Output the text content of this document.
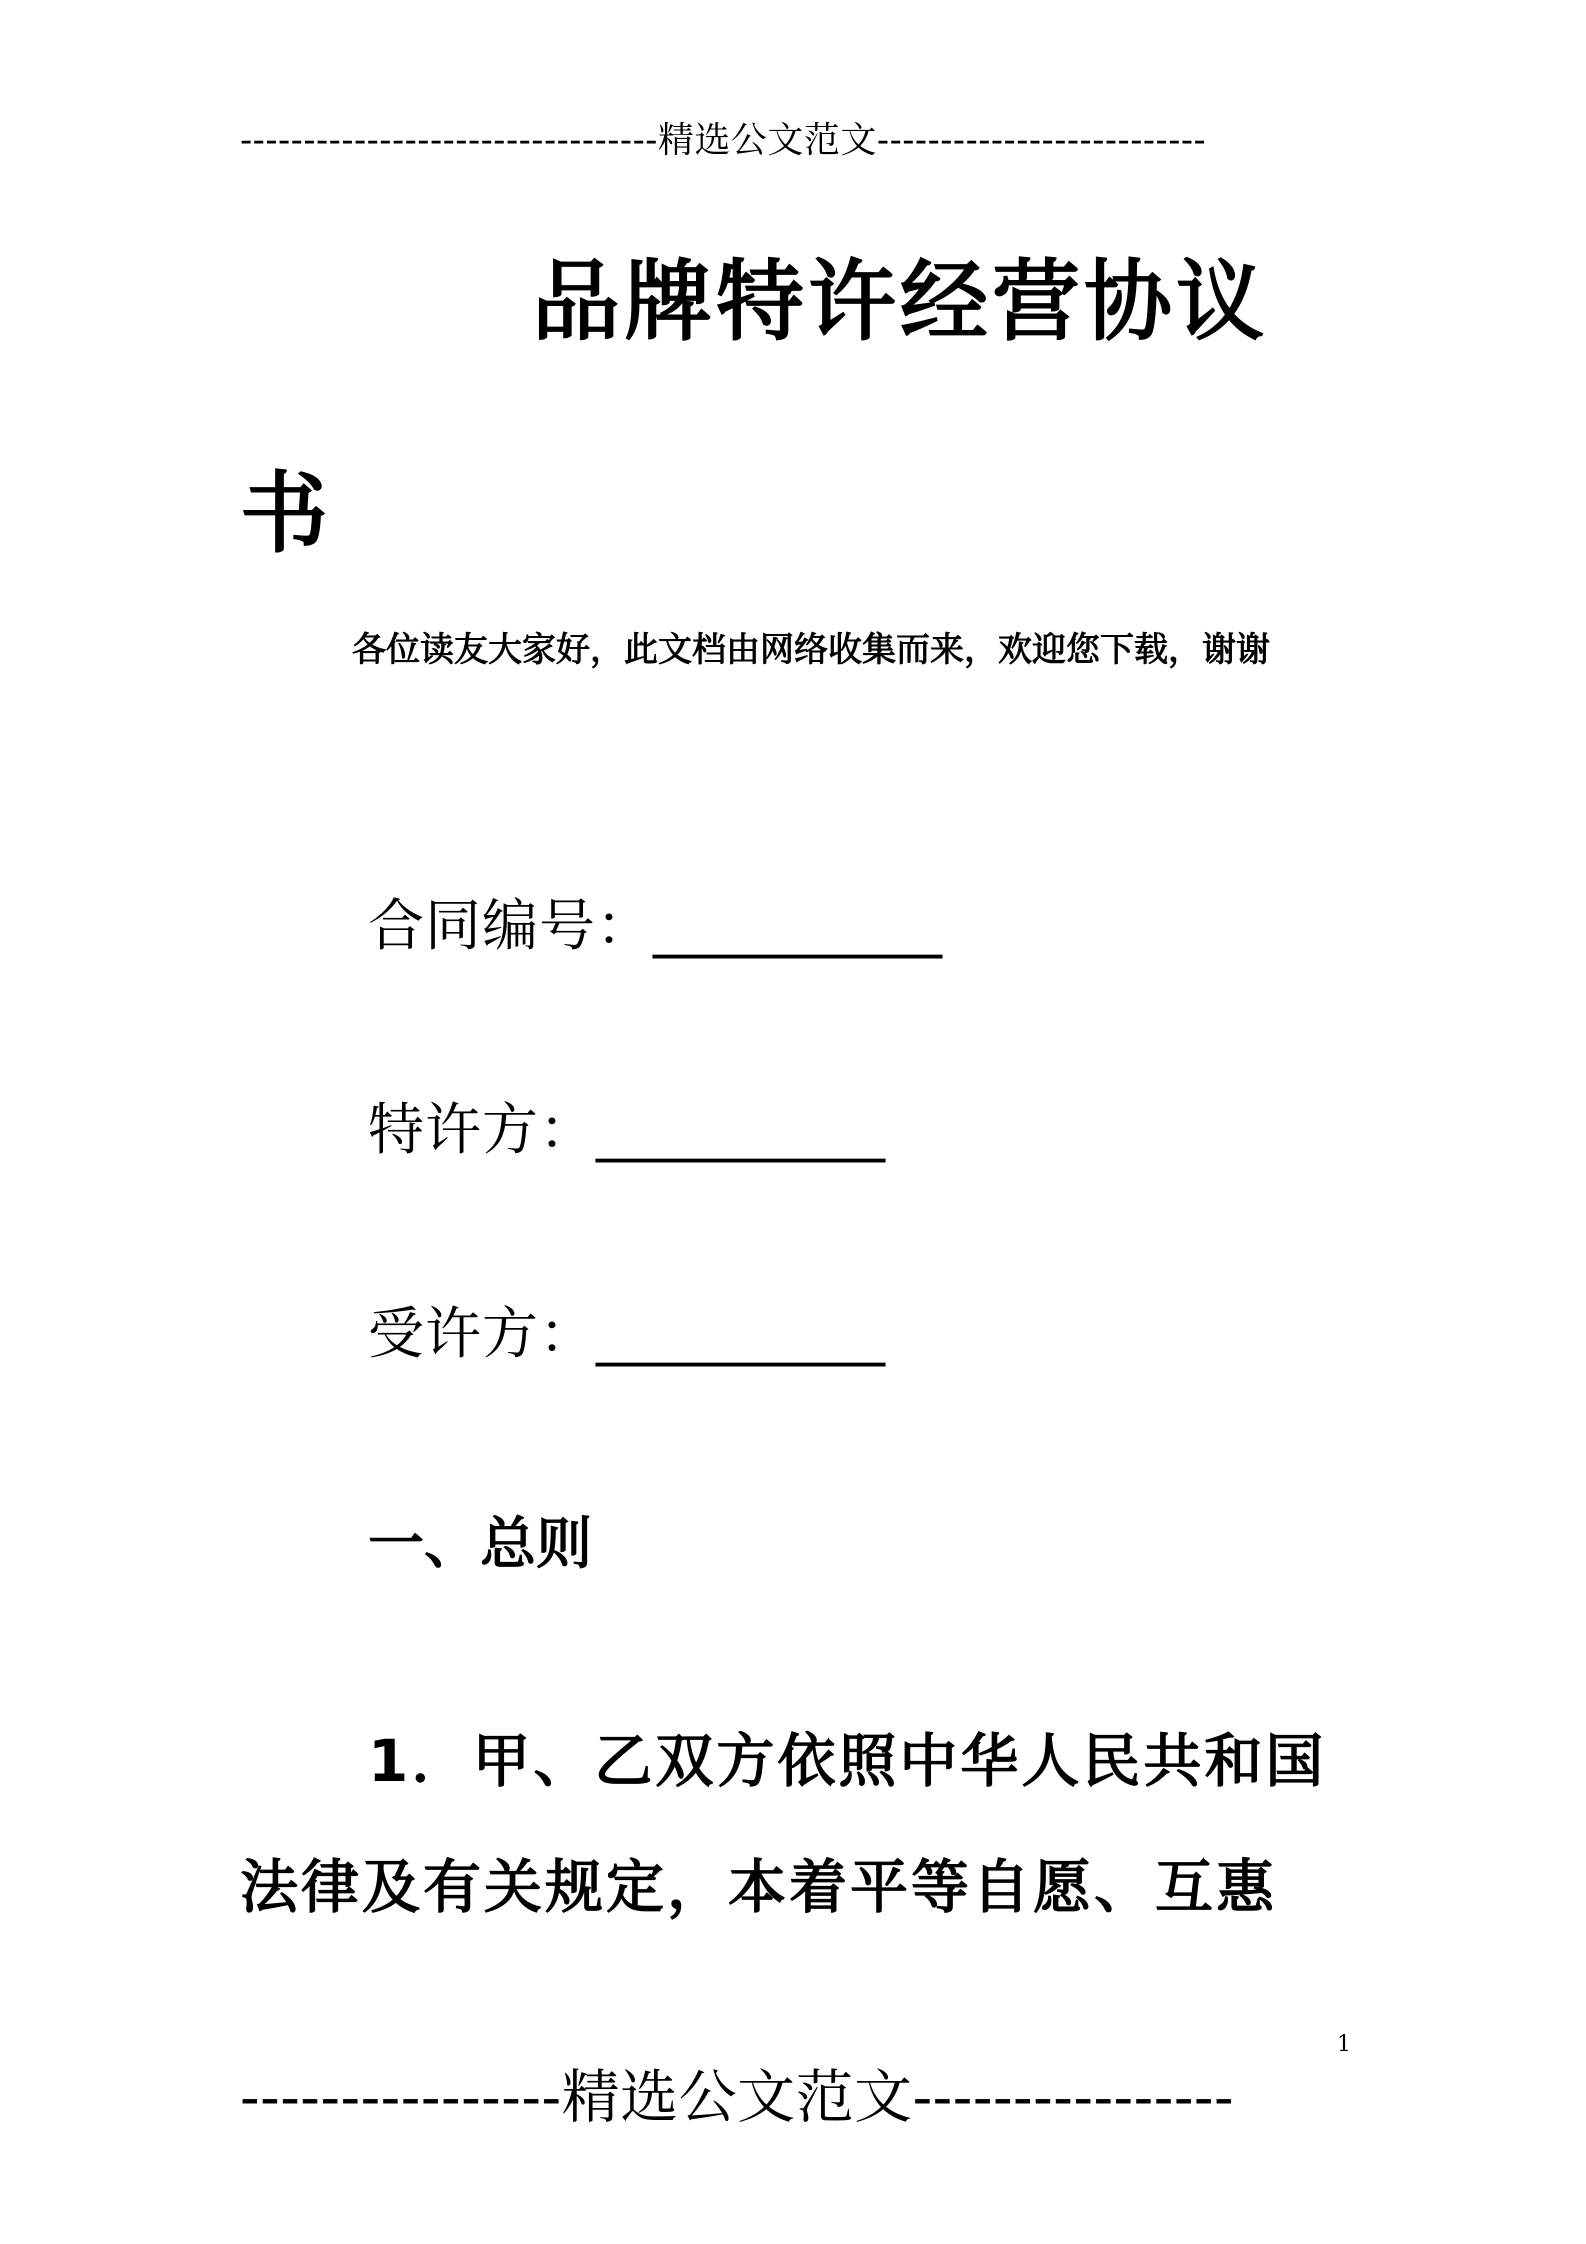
---------------------------------精选公文范文--------------------------
品牌特许经营协议
书
各位读友大家好，此文档由网络收集而来，欢迎您下载，谢谢
合同编号：__________
特许方：__________
受许方：__________
一、总则
1．甲、乙双方依照中华人民共和国
法律及有关规定，本着平等自愿、互惠
1
----------------精选公文范文----------------
